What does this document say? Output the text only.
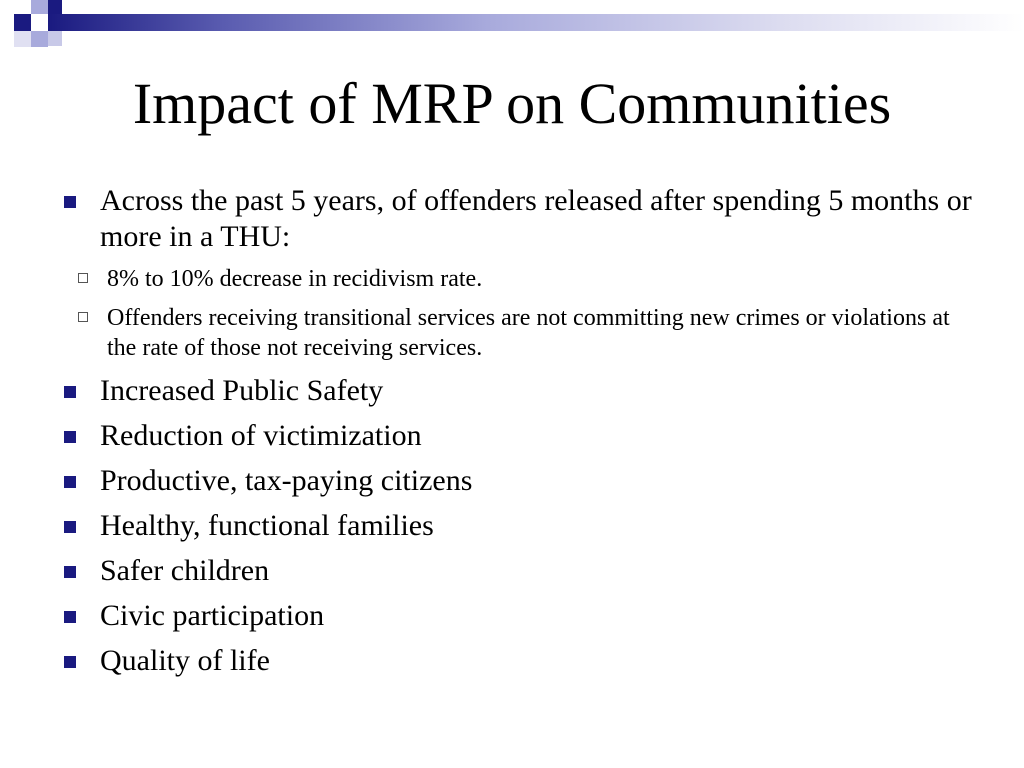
Impact of MRP on Communities
Across the past 5 years, of offenders released after spending 5 months or more in a THU:
8% to 10% decrease in recidivism rate.
Offenders receiving transitional services are not committing new crimes or violations at the rate of those not receiving services.
Increased Public Safety
Reduction of victimization
Productive, tax-paying citizens
Healthy, functional families
Safer children
Civic participation
Quality of life
